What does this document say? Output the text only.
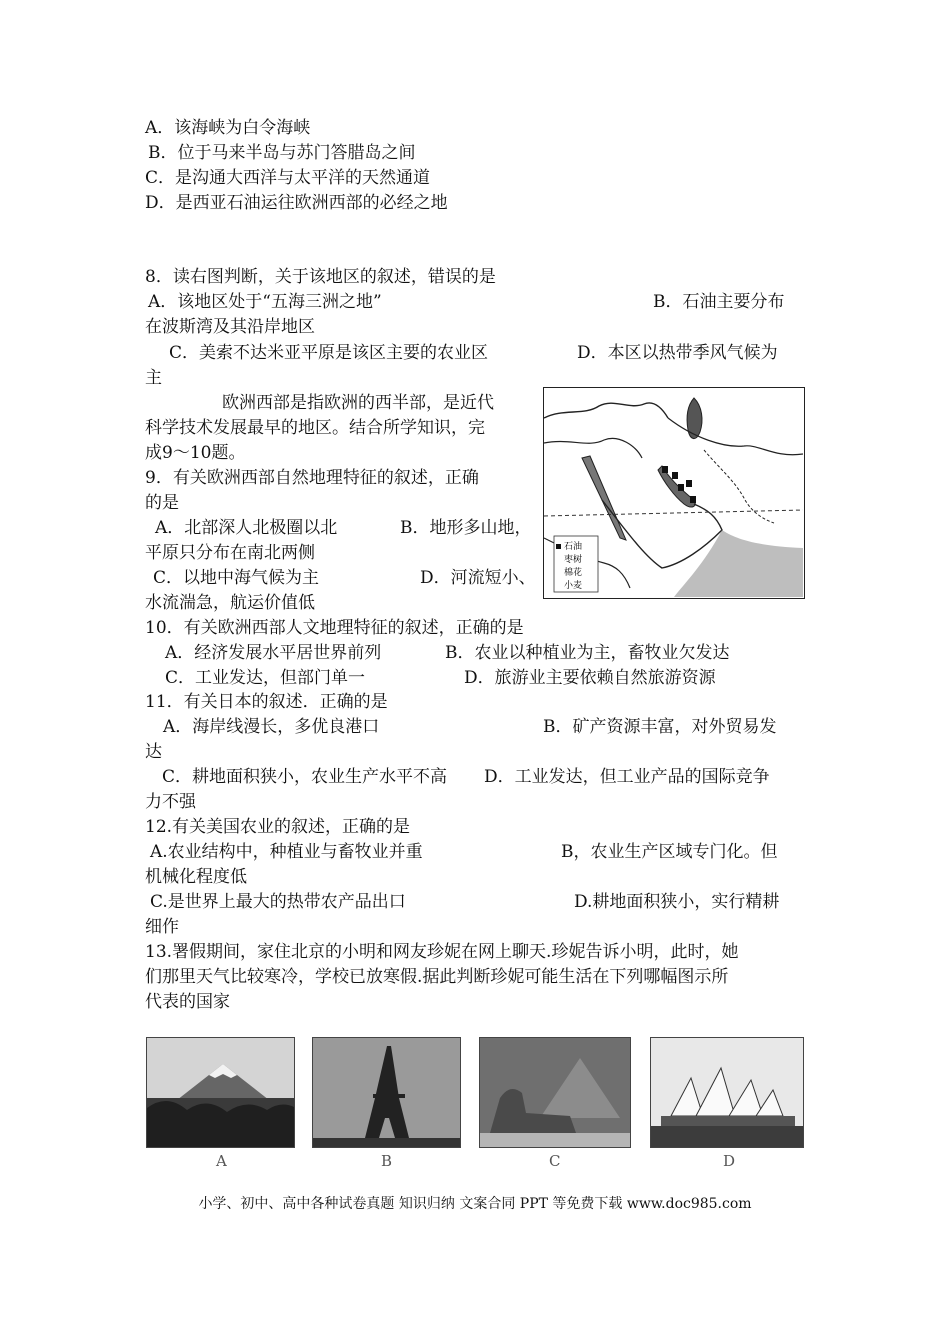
A．该海峡为白令海峡
B．位于马来半岛与苏门答腊岛之间
C．是沟通大西洋与太平洋的天然通道
D．是西亚石油运往欧洲西部的必经之地
8．读右图判断，关于该地区的叙述，错误的是
A．该地区处于“五海三洲之地”	B．石油主要分布
在波斯湾及其沿岸地区
C．美索不达米亚平原是该区主要的农业区	D．本区以热带季风气候为
主
欧洲西部是指欧洲的西半部，是近代
科学技术发展最早的地区。结合所学知识，完
成9～10题。
9．有关欧洲西部自然地理特征的叙述，正确
的是
A．北部深人北极圈以北	B．地形多山地，
平原只分布在南北两侧
C．以地中海气候为主	D．河流短小、
水流湍急，航运价值低
石油
枣树
棉花
小麦
10．有关欧洲西部人文地理特征的叙述，正确的是
A．经济发展水平居世界前列	B．农业以种植业为主，畜牧业欠发达
C．工业发达，但部门单一	D．旅游业主要依赖自然旅游资源
11．有关日本的叙述．正确的是
A．海岸线漫长，多优良港口	B．矿产资源丰富，对外贸易发
达
C．耕地面积狭小，农业生产水平不高 D．工业发达，但工业产品的国际竞争
力不强
12.有关美国农业的叙述，正确的是
A.农业结构中，种植业与畜牧业并重	B，农业生产区域专门化。但
机械化程度低
C.是世界上最大的热带农产品出口	D.耕地面积狭小，实行精耕
细作
13.署假期间，家住北京的小明和网友珍妮在网上聊天.珍妮告诉小明，此时，她
们那里天气比较寒冷，学校已放寒假.据此判断珍妮可能生活在下列哪幅图示所
代表的国家
A	B	C	D
小学、初中、高中各种试卷真题 知识归纳 文案合同 PPT 等免费下载 www.doc985.com
